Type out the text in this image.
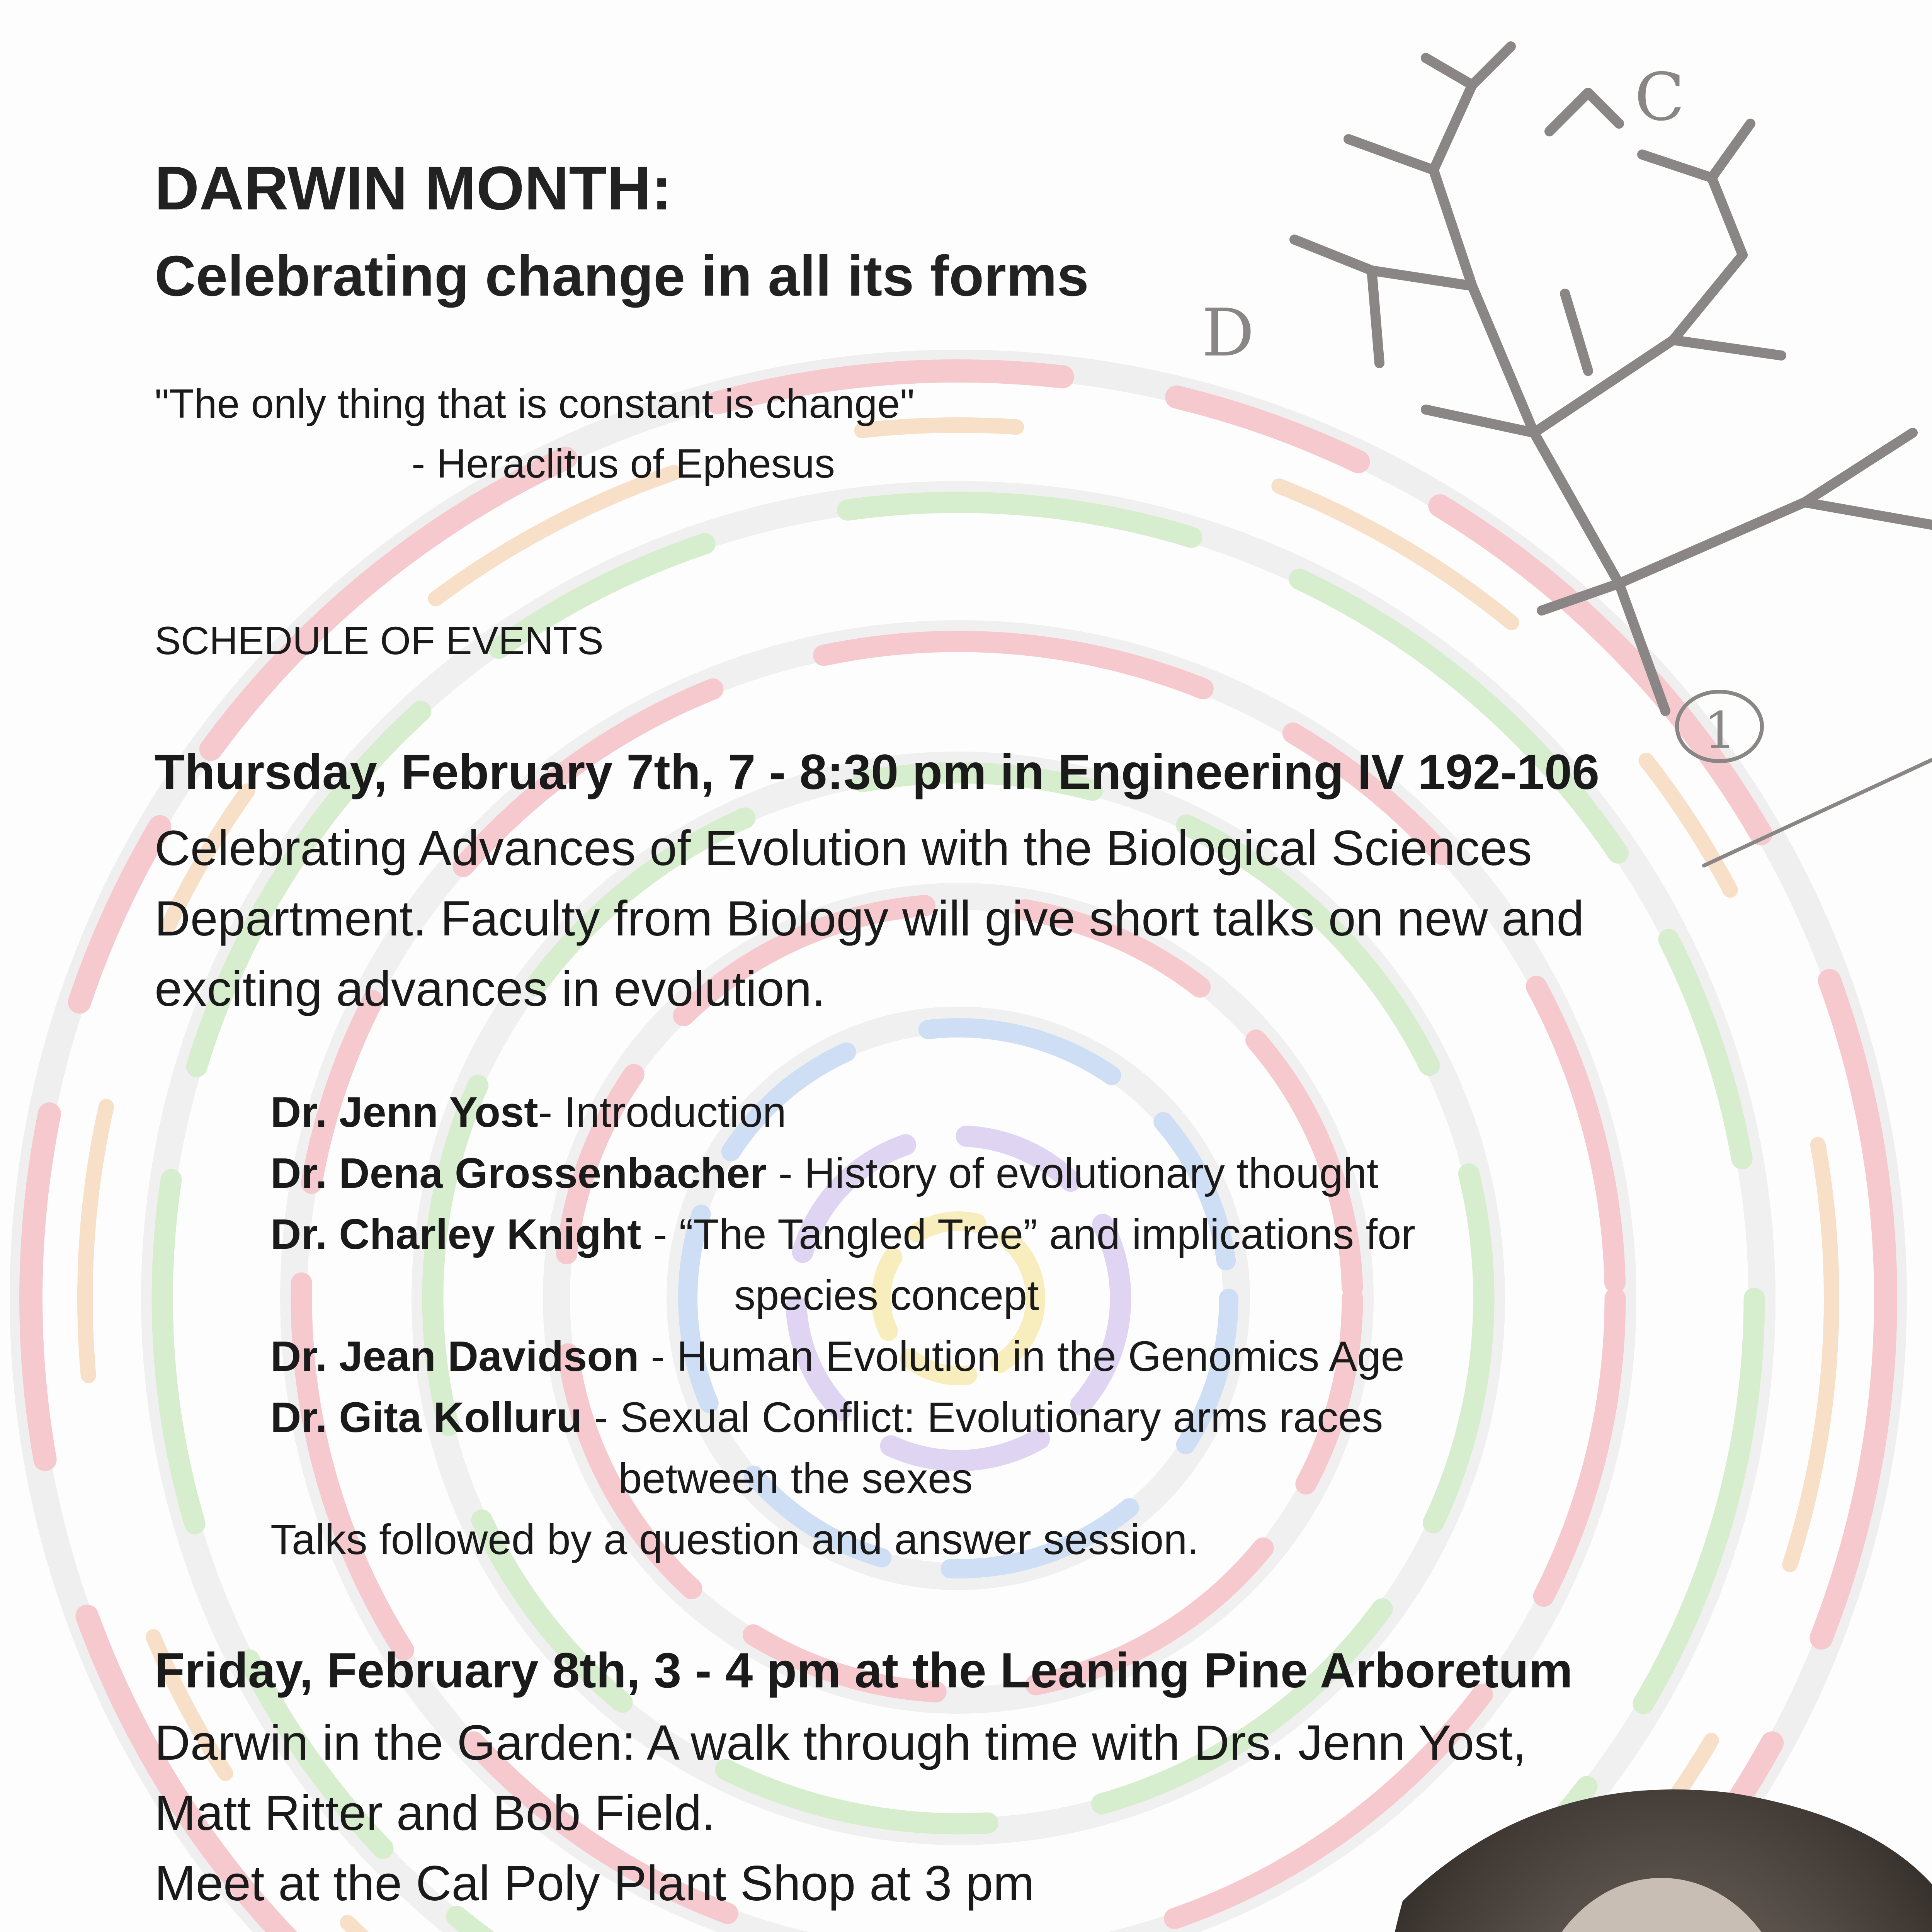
C
D
1
DARWIN MONTH:
Celebrating change in all its forms
"The only thing that is constant is change"
- Heraclitus of Ephesus
SCHEDULE OF EVENTS
Thursday, February 7th, 7 - 8:30 pm in Engineering IV 192-106
Celebrating Advances of Evolution with the Biological Sciences Department. Faculty from Biology will give short talks on new and exciting advances in evolution.
Dr. Jenn Yost- Introduction
Dr. Dena Grossenbacher - History of evolutionary thought
Dr. Charley Knight - “The Tangled Tree” and implications for
species concept
Dr. Jean Davidson - Human Evolution in the Genomics Age
Dr. Gita Kolluru - Sexual Conflict: Evolutionary arms races
between the sexes
Talks followed by a question and answer session.
Friday, February 8th, 3 - 4 pm at the Leaning Pine Arboretum
Darwin in the Garden: A walk through time with Drs. Jenn Yost,
Matt Ritter and Bob Field.
Meet at the Cal Poly Plant Shop at 3 pm
